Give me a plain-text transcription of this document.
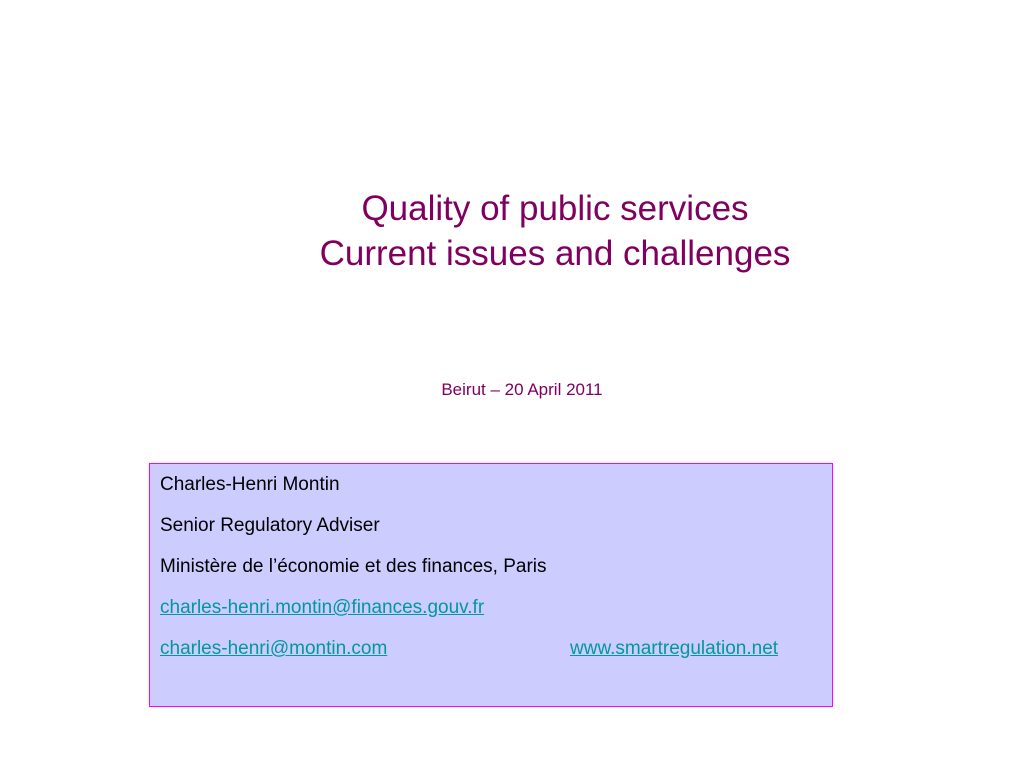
Quality of public services
Current issues and challenges
Beirut – 20 April 2011
Charles-Henri Montin
Senior Regulatory Adviser
Ministère de l’économie et des finances, Paris
charles-henri.montin@finances.gouv.fr
charles-henri@montin.com	www.smartregulation.net
